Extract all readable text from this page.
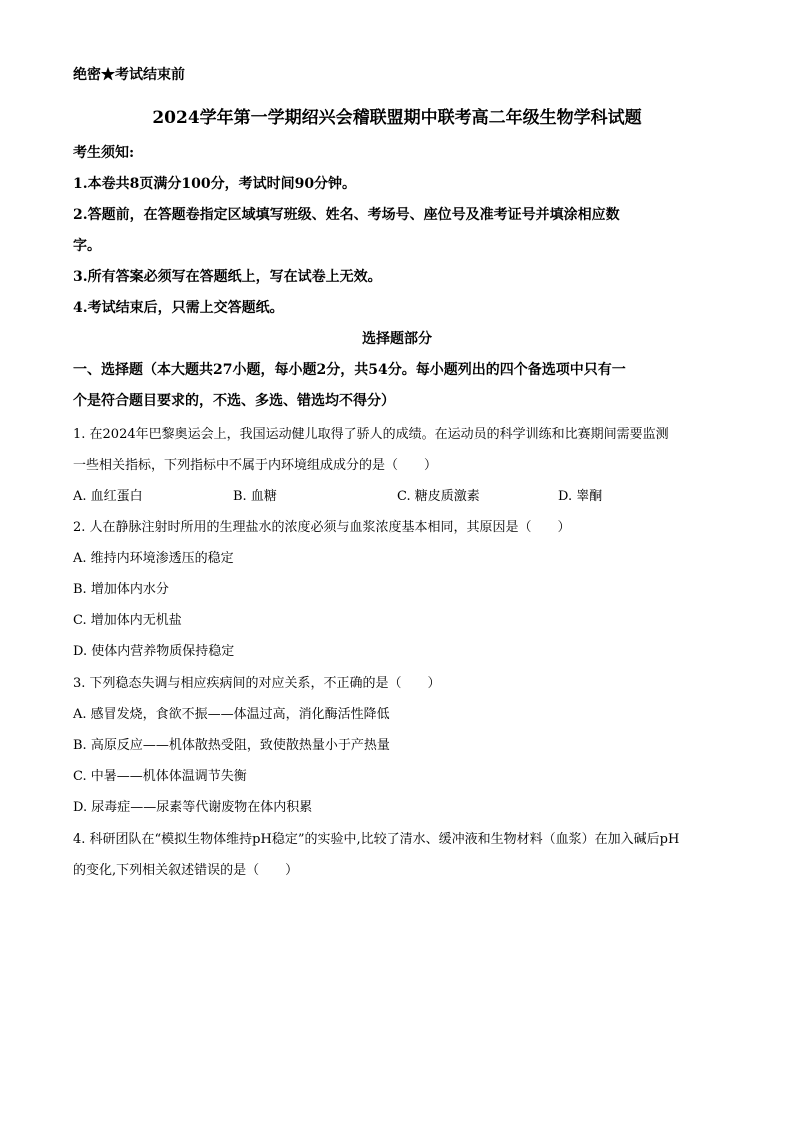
绝密★考试结束前
2024学年第一学期绍兴会稽联盟期中联考高二年级生物学科试题
考生须知:
1.本卷共8页满分100分，考试时间90分钟。
2.答题前，在答题卷指定区域填写班级、姓名、考场号、座位号及准考证号并填涂相应数
字。
3.所有答案必须写在答题纸上，写在试卷上无效。
4.考试结束后，只需上交答题纸。
选择题部分
一、选择题（本大题共27小题，每小题2分，共54分。每小题列出的四个备选项中只有一
个是符合题目要求的，不选、多选、错选均不得分）
1. 在2024年巴黎奥运会上，我国运动健儿取得了骄人的成绩。在运动员的科学训练和比赛期间需要监测
一些相关指标，下列指标中不属于内环境组成成分的是（　　）
A. 血红蛋白	B. 血糖	C. 糖皮质激素	D. 睾酮
2. 人在静脉注射时所用的生理盐水的浓度必须与血浆浓度基本相同，其原因是（　　）
A. 维持内环境渗透压的稳定
B. 增加体内水分
C. 增加体内无机盐
D. 使体内营养物质保持稳定
3. 下列稳态失调与相应疾病间的对应关系，不正确的是（　　）
A. 感冒发烧，食欲不振——体温过高，消化酶活性降低
B. 高原反应——机体散热受阻，致使散热量小于产热量
C. 中暑——机体体温调节失衡
D. 尿毒症——尿素等代谢废物在体内积累
4. 科研团队在“模拟生物体维持pH稳定”的实验中,比较了清水、缓冲液和生物材料（血浆）在加入碱后pH
的变化,下列相关叙述错误的是（　　）
